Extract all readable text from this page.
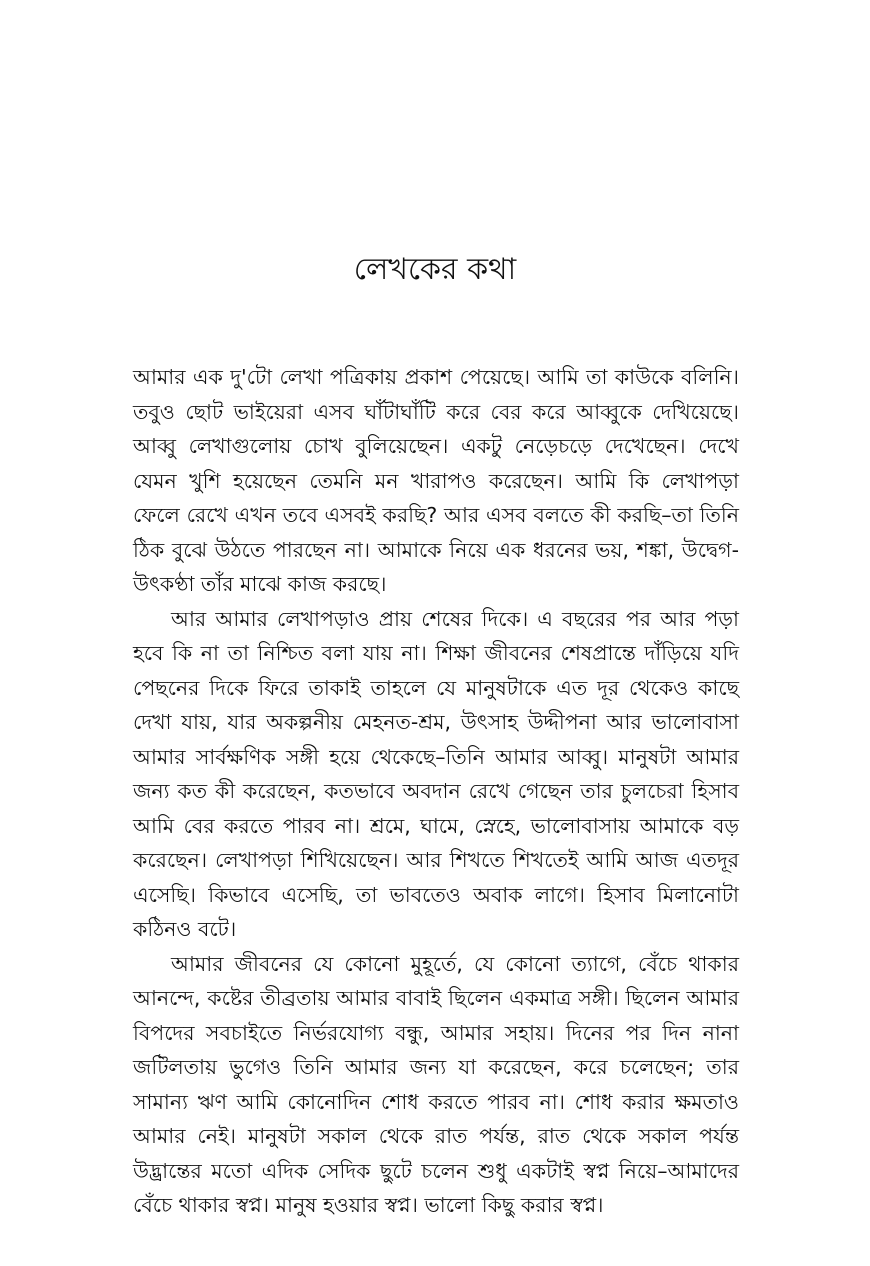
লেখকের কথা

আমার এক দু'টো লেখা পত্রিকায় প্রকাশ পেয়েছে। আমি তা কাউকে বলিনি। তবুও ছোট ভাইয়েরা এসব ঘাঁটাঘাঁটি করে বের করে আব্বুকে দেখিয়েছে। আব্বু লেখাগুলোয় চোখ বুলিয়েছেন। একটু নেড়েচড়ে দেখেছেন। দেখে যেমন খুশি হয়েছেন তেমনি মন খারাপও করেছেন। আমি কি লেখাপড়া ফেলে রেখে এখন তবে এসবই করছি? আর এসব বলতে কী করছি–তা তিনি ঠিক বুঝে উঠতে পারছেন না। আমাকে নিয়ে এক ধরনের ভয়, শঙ্কা, উদ্বেগ-উৎকণ্ঠা তাঁর মাঝে কাজ করছে।

আর আমার লেখাপড়াও প্রায় শেষের দিকে। এ বছরের পর আর পড়া হবে কি না তা নিশ্চিত বলা যায় না। শিক্ষা জীবনের শেষপ্রান্তে দাঁড়িয়ে যদি পেছনের দিকে ফিরে তাকাই তাহলে যে মানুষটাকে এত দূর থেকেও কাছে দেখা যায়, যার অকল্পনীয় মেহনত-শ্রম, উৎসাহ উদ্দীপনা আর ভালোবাসা আমার সার্বক্ষণিক সঙ্গী হয়ে থেকেছে–তিনি আমার আব্বু। মানুষটা আমার জন্য কত কী করেছেন, কতভাবে অবদান রেখে গেছেন তার চুলচেরা হিসাব আমি বের করতে পারব না। শ্রমে, ঘামে, স্নেহে, ভালোবাসায় আমাকে বড় করেছেন। লেখাপড়া শিখিয়েছেন। আর শিখতে শিখতেই আমি আজ এতদূর এসেছি। কিভাবে এসেছি, তা ভাবতেও অবাক লাগে। হিসাব মিলানোটা কঠিনও বটে।

আমার জীবনের যে কোনো মুহূর্তে, যে কোনো ত্যাগে, বেঁচে থাকার আনন্দে, কষ্টের তীব্রতায় আমার বাবাই ছিলেন একমাত্র সঙ্গী। ছিলেন আমার বিপদের সবচাইতে নির্ভরযোগ্য বন্ধু, আমার সহায়। দিনের পর দিন নানা জটিলতায় ভুগেও তিনি আমার জন্য যা করেছেন, করে চলেছেন; তার সামান্য ঋণ আমি কোনোদিন শোধ করতে পারব না। শোধ করার ক্ষমতাও আমার নেই। মানুষটা সকাল থেকে রাত পর্যন্ত, রাত থেকে সকাল পর্যন্ত উদ্ভ্রান্তের মতো এদিক সেদিক ছুটে চলেন শুধু একটাই স্বপ্ন নিয়ে–আমাদের বেঁচে থাকার স্বপ্ন। মানুষ হওয়ার স্বপ্ন। ভালো কিছু করার স্বপ্ন।
